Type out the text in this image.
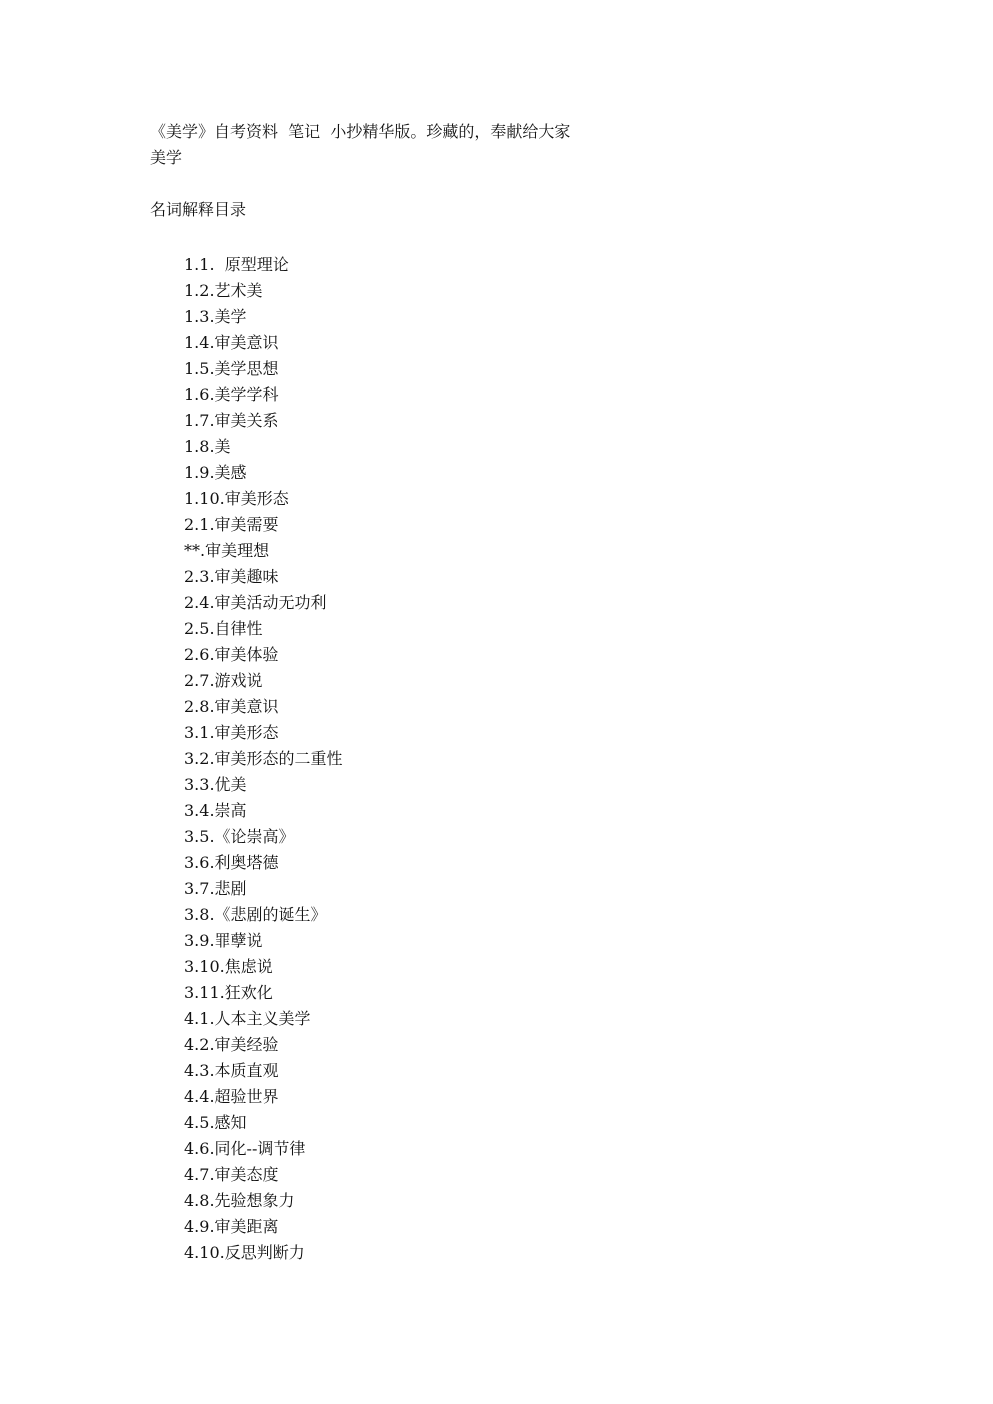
《美学》自考资料  笔记  小抄精华版。珍藏的，奉献给大家
美学
名词解释目录
1.1.  原型理论
1.2.艺术美
1.3.美学
1.4.审美意识
1.5.美学思想
1.6.美学学科
1.7.审美关系
1.8.美
1.9.美感
1.10.审美形态
2.1.审美需要
**.审美理想
2.3.审美趣味
2.4.审美活动无功利
2.5.自律性
2.6.审美体验
2.7.游戏说
2.8.审美意识
3.1.审美形态
3.2.审美形态的二重性
3.3.优美
3.4.崇高
3.5.《论崇高》
3.6.利奥塔德
3.7.悲剧
3.8.《悲剧的诞生》
3.9.罪孽说
3.10.焦虑说
3.11.狂欢化
4.1.人本主义美学
4.2.审美经验
4.3.本质直观
4.4.超验世界
4.5.感知
4.6.同化--调节律
4.7.审美态度
4.8.先验想象力
4.9.审美距离
4.10.反思判断力
